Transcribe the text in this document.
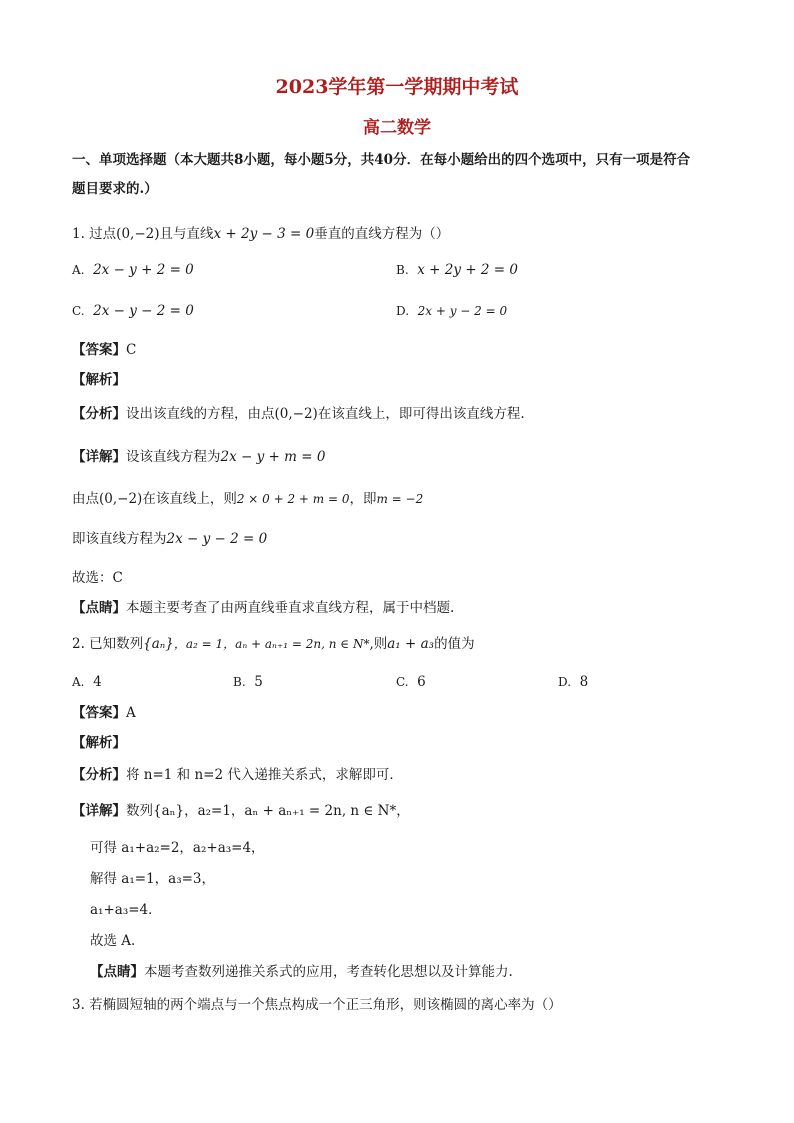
2023学年第一学期期中考试
高二数学
一、单项选择题（本大题共8小题，每小题5分，共40分．在每小题给出的四个选项中，只有一项是符合
题目要求的.）
1. 过点(0,−2)且与直线x + 2y − 3 = 0垂直的直线方程为（）
A. 2x − y + 2 = 0	B. x + 2y + 2 = 0
C. 2x − y − 2 = 0	D. 2x + y − 2 = 0
【答案】C
【解析】
【分析】设出该直线的方程，由点(0,−2)在该直线上，即可得出该直线方程.
【详解】设该直线方程为2x − y + m = 0
由点(0,−2)在该直线上，则2 × 0 + 2 + m = 0，即m = −2
即该直线方程为2x − y − 2 = 0
故选：C
【点睛】本题主要考查了由两直线垂直求直线方程，属于中档题.
2. 已知数列{aₙ}，a₂ = 1，aₙ + aₙ₊₁ = 2n, n ∈ N*,则a₁ + a₃的值为
A. 4	B. 5	C. 6	D. 8
【答案】A
【解析】
【分析】将 n=1 和 n=2 代入递推关系式，求解即可．
【详解】数列{aₙ}，a₂=1，aₙ + aₙ₊₁ = 2n, n ∈ N*，
可得 a₁+a₂=2，a₂+a₃=4，
解得 a₁=1，a₃=3，
a₁+a₃=4．
故选 A.
【点睛】本题考查数列递推关系式的应用，考查转化思想以及计算能力.
3. 若椭圆短轴的两个端点与一个焦点构成一个正三角形，则该椭圆的离心率为（）
